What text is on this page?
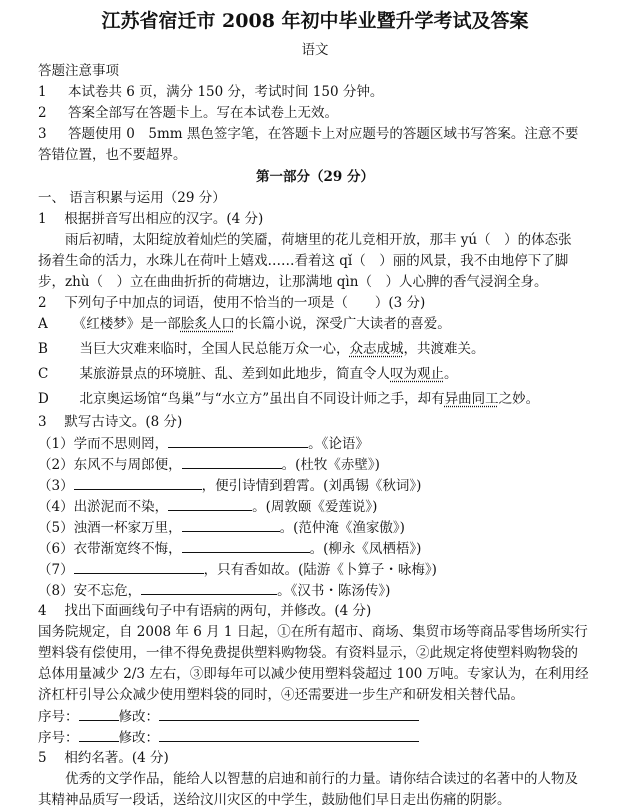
江苏省宿迁市 2008 年初中毕业暨升学考试及答案
语文
答题注意事项
1 本试卷共 6 页，满分 150 分，考试时间 150 分钟。
2 答案全部写在答题卡上。写在本试卷上无效。
3 答题使用 0　5mm 黑色签字笔，在答题卡上对应题号的答题区域书写答案。注意不要
答错位置，也不要超界。
第一部分（29 分）
一、 语言积累与运用（29 分）
1　 根据拼音写出相应的汉字。(4 分)
　　雨后初晴，太阳绽放着灿烂的笑靥，荷塘里的花儿竞相开放，那丰 yú（　）的体态张
扬着生命的活力，水珠儿在荷叶上嬉戏……看着这 qǐ（　）丽的风景，我不由地停下了脚
步，zhù（　）立在曲曲折折的荷塘边，让那满地 qìn（　）人心脾的香气浸润全身。
2　 下列句子中加点的词语，使用不恰当的一项是（　　）(3 分)
A　《红楼梦》是一部脍炙人口的长篇小说，深受广大读者的喜爱。
B　当巨大灾难来临时，全国人民总能万众一心，众志成城，共渡难关。
C　某旅游景点的环境脏、乱、差到如此地步，简直令人叹为观止。
D　北京奥运场馆“鸟巢”与“水立方”虽出自不同设计师之手，却有异曲同工之妙。
3　 默写古诗文。(8 分)
（1）学而不思则罔，	。《论语》
（2）东风不与周郎便，	。(杜牧《赤壁》)
（3）	，便引诗情到碧霄。(刘禹锡《秋词》)
（4）出淤泥而不染，	。(周敦颐《爱莲说》)
（5）浊酒一杯家万里，	。(范仲淹《渔家傲》)
（6）衣带渐宽终不悔，	。(柳永《凤栖梧》)
（7）	，只有香如故。(陆游《卜算子・咏梅》)
（8）安不忘危，	。《汉书・陈汤传》)
4　 找出下面画线句子中有语病的两句，并修改。(4 分)
国务院规定，自 2008 年 6 月 1 日起，①在所有超市、商场、集贸市场等商品零售场所实行
塑料袋有偿使用，一律不得免费提供塑料购物袋。有资料显示，②此规定将使塑料购物袋的
总体用量减少 2/3 左右，③即每年可以减少使用塑料袋超过 100 万吨。专家认为，在利用经
济杠杆引导公众减少使用塑料袋的同时，④还需要进一步生产和研发相关替代品。
序号：	修改：
序号：	修改：
5　 相约名著。(4 分)
　　优秀的文学作品，能给人以智慧的启迪和前行的力量。请你结合读过的名著中的人物及
其精神品质写一段话，送给汶川灾区的中学生，鼓励他们早日走出伤痛的阴影。
